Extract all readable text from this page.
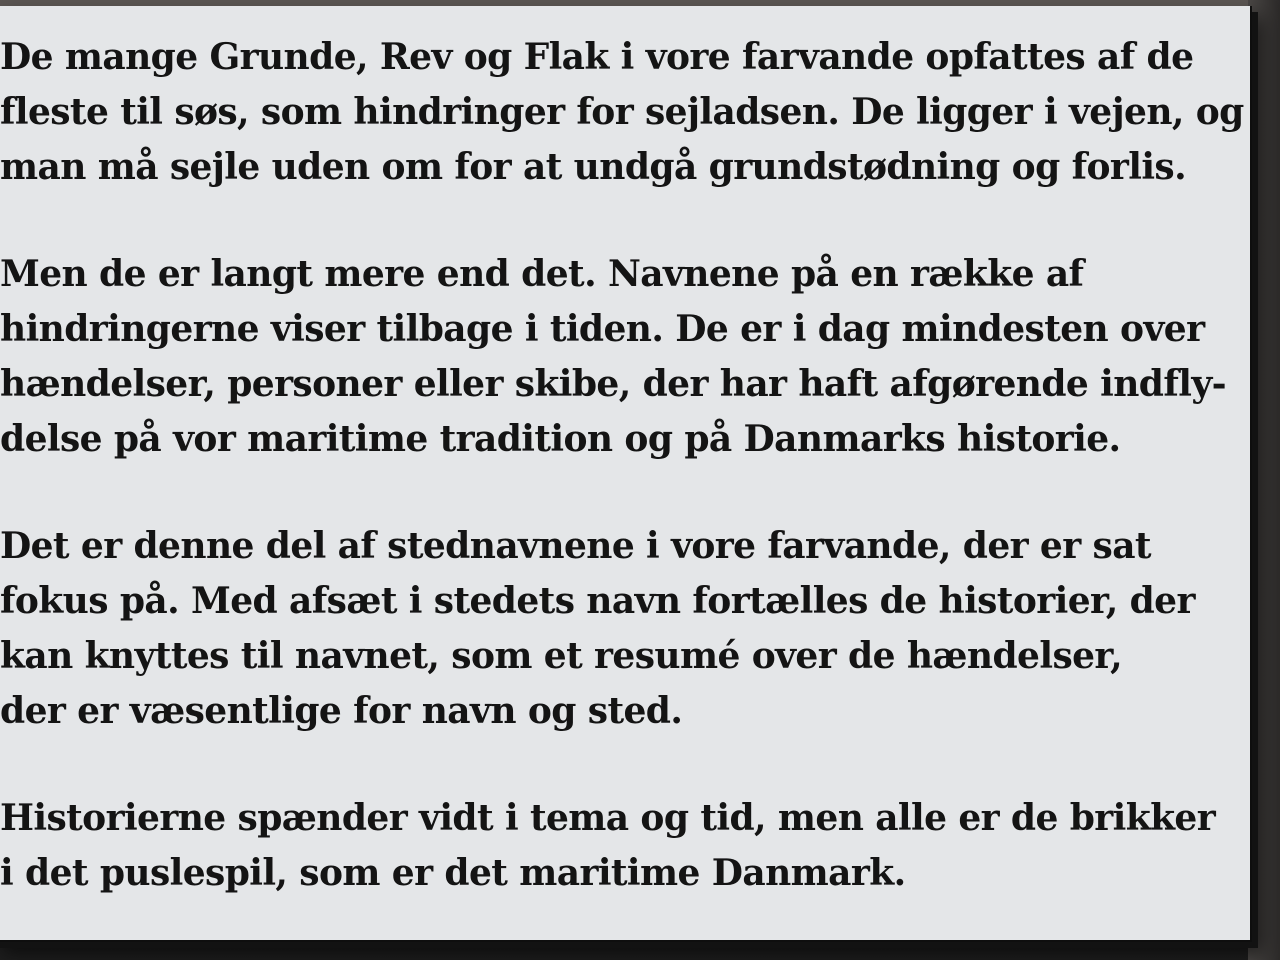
De mange Grunde, Rev og Flak i vore farvande opfattes af de
fleste til søs, som hindringer for sejladsen. De ligger i vejen, og
man må sejle uden om for at undgå grundstødning og forlis.
Men de er langt mere end det. Navnene på en række af
hindringerne viser tilbage i tiden. De er i dag mindesten over
hændelser, personer eller skibe, der har haft afgørende indfly-
delse på vor maritime tradition og på Danmarks historie.
Det er denne del af stednavnene i vore farvande, der er sat
fokus på. Med afsæt i stedets navn fortælles de historier, der
kan knyttes til navnet, som et resumé over de hændelser,
der er væsentlige for navn og sted.
Historierne spænder vidt i tema og tid, men alle er de brikker
i det puslespil, som er det maritime Danmark.
